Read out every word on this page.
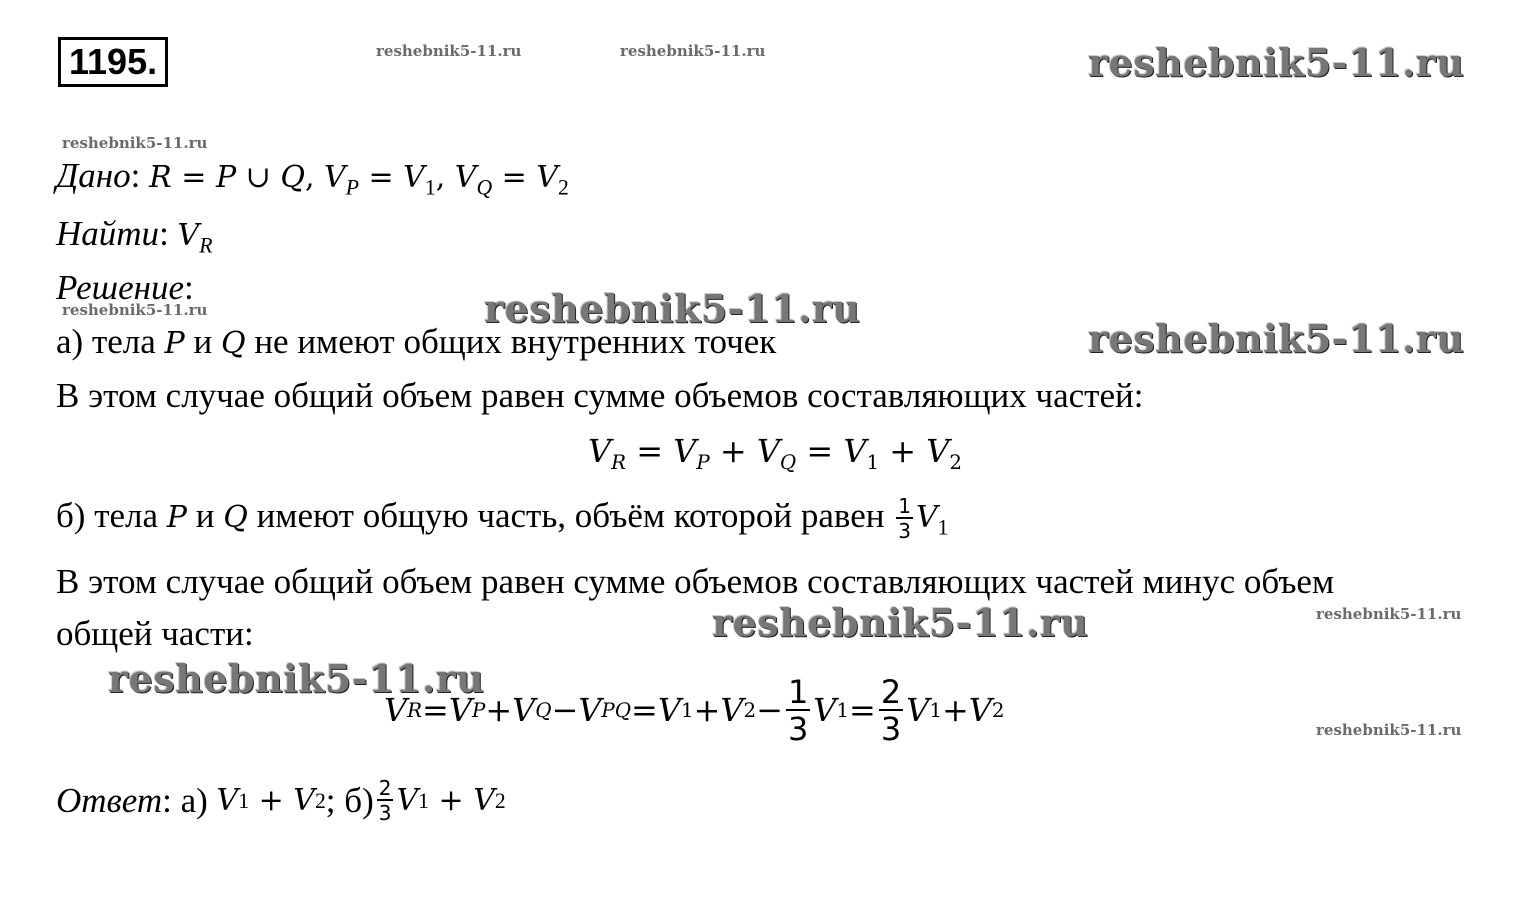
1195.	reshebnik5-11.ru	reshebnik5-11.ru	reshebnik5-11.ru
reshebnik5-11.ru
reshebnik5-11.ru	reshebnik5-11.ru
reshebnik5-11.ru
reshebnik5-11.ru	reshebnik5-11.ru
reshebnik5-11.ru
reshebnik5-11.ru
Дано: R = P ∪ Q, $V_P = V_1$, $V_Q = V_2$
Найти: $V_R$
Решение:
а) тела P и Q не имеют общих внутренних точек
В этом случае общий объем равен сумме объемов составляющих частей:
$V_R = V_P + V_Q = V_1 + V_2$
б) тела P и Q имеют общую часть, объём которой равен $\frac{1}{3} V_1$
В этом случае общий объем равен сумме объемов составляющих частей минус объем
общей части:
V R = V P + V Q − V PQ = V 1 + V $2 - \frac{1}{3}$ V $1 = \frac{2}{3}$ V 1 + V 2
Ответ : а) V 1 + V 2 ; $б) \frac{2}{3}$ V 1 + V 2
